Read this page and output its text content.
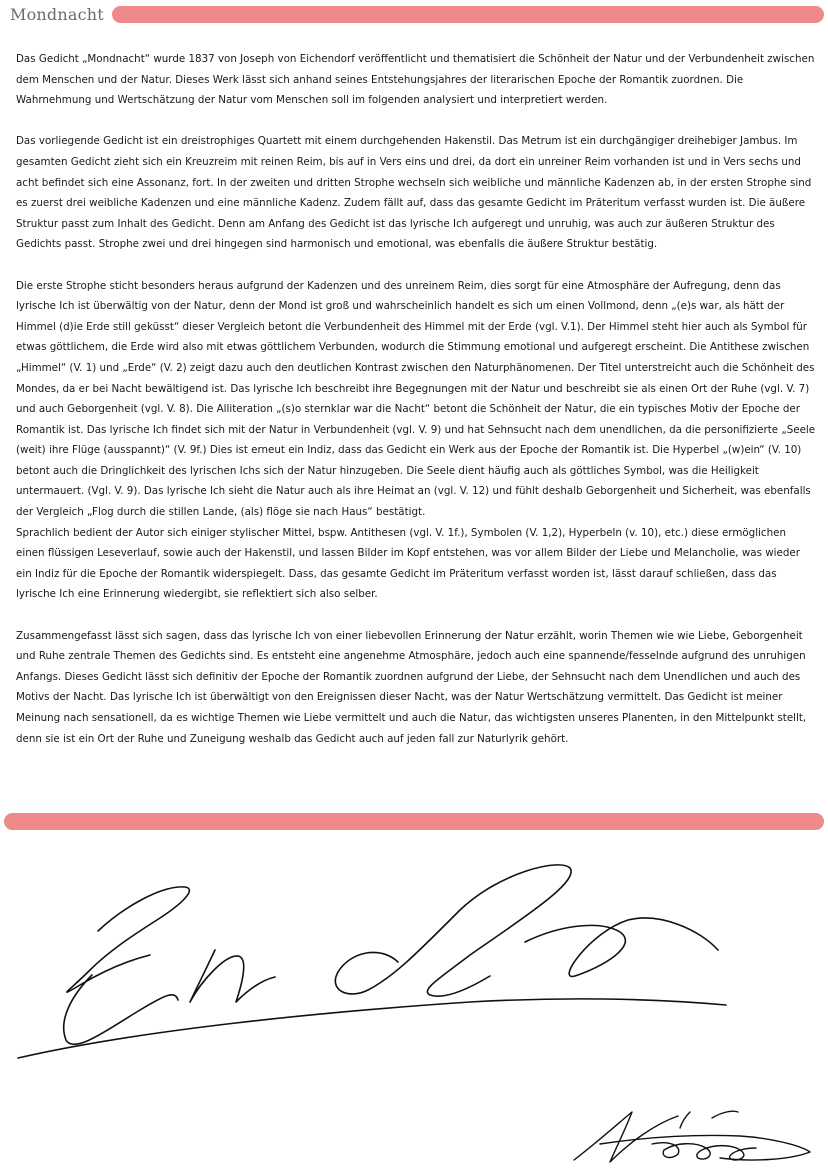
Mondnacht

Das Gedicht „Mondnacht“ wurde 1837 von Joseph von Eichendorf veröffentlicht und thematisiert die Schönheit der Natur und der Verbundenheit zwischen dem Menschen und der Natur. Dieses Werk lässt sich anhand seines Entstehungsjahres der literarischen Epoche der Romantik zuordnen. Die Wahrnehmung und Wertschätzung der Natur vom Menschen soll im folgenden analysiert und interpretiert werden.

Das vorliegende Gedicht ist ein dreistrophiges Quartett mit einem durchgehenden Hakenstil. Das Metrum ist ein durchgängiger dreihebiger Jambus. Im gesamten Gedicht zieht sich ein Kreuzreim mit reinen Reim, bis auf in Vers eins und drei, da dort ein unreiner Reim vorhanden ist und in Vers sechs und acht befindet sich eine Assonanz, fort. In der zweiten und dritten Strophe wechseln sich weibliche und männliche Kadenzen ab, in der ersten Strophe sind es zuerst drei weibliche Kadenzen und eine männliche Kadenz. Zudem fällt auf, dass das gesamte Gedicht im Präteritum verfasst wurden ist. Die äußere Struktur passt zum Inhalt des Gedicht. Denn am Anfang des Gedicht ist das lyrische Ich aufgeregt und unruhig, was auch zur äußeren Struktur des Gedichts passt. Strophe zwei und drei hingegen sind harmonisch und emotional, was ebenfalls die äußere Struktur bestätig.

Die erste Strophe sticht besonders heraus aufgrund der Kadenzen und des unreinem Reim, dies sorgt für eine Atmosphäre der Aufregung, denn das lyrische Ich ist überwältig von der Natur, denn der Mond ist groß und wahrscheinlich handelt es sich um einen Vollmond, denn „(e)s war, als hätt der Himmel (d)ie Erde still geküsst“ dieser Vergleich betont die Verbundenheit des Himmel mit der Erde (vgl. V.1). Der Himmel steht hier auch als Symbol für etwas göttlichem, die Erde wird also mit etwas göttlichem Verbunden, wodurch die Stimmung emotional und aufgeregt erscheint. Die Antithese zwischen „Himmel“ (V. 1) und „Erde“ (V. 2) zeigt dazu auch den deutlichen Kontrast zwischen den Naturphänomenen. Der Titel unterstreicht auch die Schönheit des Mondes, da er bei Nacht bewältigend ist. Das lyrische Ich beschreibt ihre Begegnungen mit der Natur und beschreibt sie als einen Ort der Ruhe (vgl. V. 7) und auch Geborgenheit (vgl. V. 8). Die Alliteration „(s)o sternklar war die Nacht“ betont die Schönheit der Natur, die ein typisches Motiv der Epoche der Romantik ist. Das lyrische Ich findet sich mit der Natur in Verbundenheit (vgl. V. 9) und hat Sehnsucht nach dem unendlichen, da die personifizierte „Seele (weit) ihre Flüge (ausspannt)“ (V. 9f.) Dies ist erneut ein Indiz, dass das Gedicht ein Werk aus der Epoche der Romantik ist. Die Hyperbel „(w)ein“ (V. 10) betont auch die Dringlichkeit des lyrischen Ichs sich der Natur hinzugeben. Die Seele dient häufig auch als göttliches Symbol, was die Heiligkeit untermauert. (Vgl. V. 9). Das lyrische Ich sieht die Natur auch als ihre Heimat an (vgl. V. 12) und fühlt deshalb Geborgenheit und Sicherheit, was ebenfalls der Vergleich „Flog durch die stillen Lande, (als) flöge sie nach Haus“ bestätigt.

Sprachlich bedient der Autor sich einiger stylischer Mittel, bspw. Antithesen (vgl. V. 1f.), Symbolen (V. 1,2), Hyperbeln (v. 10), etc.) diese ermöglichen einen flüssigen Leseverlauf, sowie auch der Hakenstil, und lassen Bilder im Kopf entstehen, was vor allem Bilder der Liebe und Melancholie, was wieder ein Indiz für die Epoche der Romantik widerspiegelt. Dass, das gesamte Gedicht im Präteritum verfasst worden ist, lässt darauf schließen, dass das lyrische Ich eine Erinnerung wiedergibt, sie reflektiert sich also selber.

Zusammengefasst lässt sich sagen, dass das lyrische Ich von einer liebevollen Erinnerung der Natur erzählt, worin Themen wie wie Liebe, Geborgenheit und Ruhe zentrale Themen des Gedichts sind. Es entsteht eine angenehme Atmosphäre, jedoch auch eine spannende/fesselnde aufgrund des unruhigen Anfangs. Dieses Gedicht lässt sich definitiv der Epoche der Romantik zuordnen aufgrund der Liebe, der Sehnsucht nach dem Unendlichen und auch des Motivs der Nacht. Das lyrische Ich ist überwältigt von den Ereignissen dieser Nacht, was der Natur Wertschätzung vermittelt. Das Gedicht ist meiner Meinung nach sensationell, da es wichtige Themen wie Liebe vermittelt und auch die Natur, das wichtigsten unseres Planenten, in den Mittelpunkt stellt, denn sie ist ein Ort der Ruhe und Zuneigung weshalb das Gedicht auch auf jeden fall zur Naturlyrik gehört.
